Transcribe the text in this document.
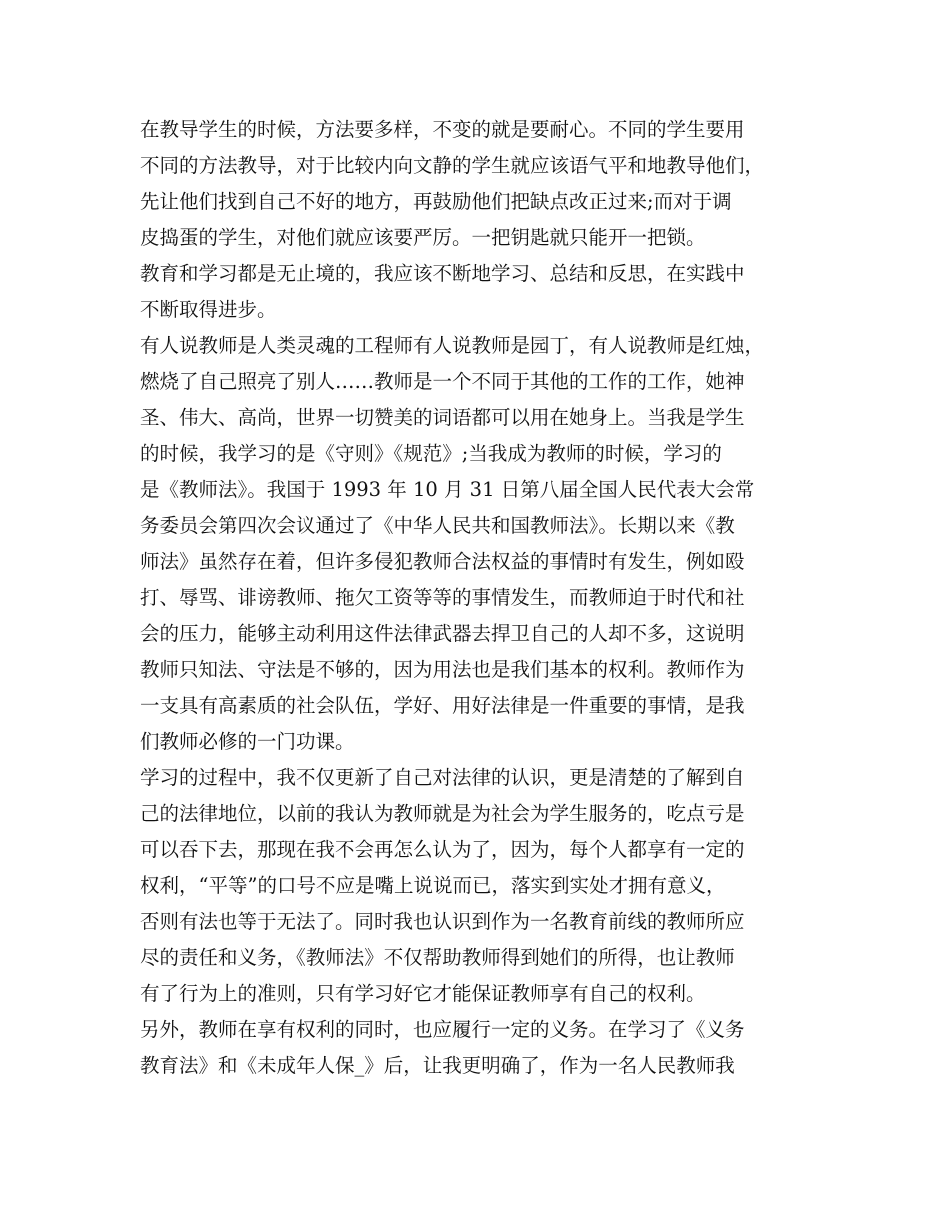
在教导学生的时候，方法要多样，不变的就是要耐心。不同的学生要用
不同的方法教导，对于比较内向文静的学生就应该语气平和地教导他们，
先让他们找到自己不好的地方，再鼓励他们把缺点改正过来;而对于调
皮捣蛋的学生，对他们就应该要严厉。一把钥匙就只能开一把锁。
教育和学习都是无止境的，我应该不断地学习、总结和反思，在实践中
不断取得进步。
有人说教师是人类灵魂的工程师有人说教师是园丁，有人说教师是红烛，
燃烧了自己照亮了别人……教师是一个不同于其他的工作的工作，她神
圣、伟大、高尚，世界一切赞美的词语都可以用在她身上。当我是学生
的时候，我学习的是《守则》《规范》;当我成为教师的时候，学习的
是《教师法》。我国于 1993 年 10 月 31 日第八届全国人民代表大会常
务委员会第四次会议通过了《中华人民共和国教师法》。长期以来《教
师法》虽然存在着，但许多侵犯教师合法权益的事情时有发生，例如殴
打、辱骂、诽谤教师、拖欠工资等等的事情发生，而教师迫于时代和社
会的压力，能够主动利用这件法律武器去捍卫自己的人却不多，这说明
教师只知法、守法是不够的，因为用法也是我们基本的权利。教师作为
一支具有高素质的社会队伍，学好、用好法律是一件重要的事情，是我
们教师必修的一门功课。
学习的过程中，我不仅更新了自己对法律的认识，更是清楚的了解到自
己的法律地位，以前的我认为教师就是为社会为学生服务的，吃点亏是
可以吞下去，那现在我不会再怎么认为了，因为，每个人都享有一定的
权利，“平等”的口号不应是嘴上说说而已，落实到实处才拥有意义，
否则有法也等于无法了。同时我也认识到作为一名教育前线的教师所应
尽的责任和义务，《教师法》不仅帮助教师得到她们的所得，也让教师
有了行为上的准则，只有学习好它才能保证教师享有自己的权利。
另外，教师在享有权利的同时，也应履行一定的义务。在学习了《义务
教育法》和《未成年人保_》后，让我更明确了，作为一名人民教师我
